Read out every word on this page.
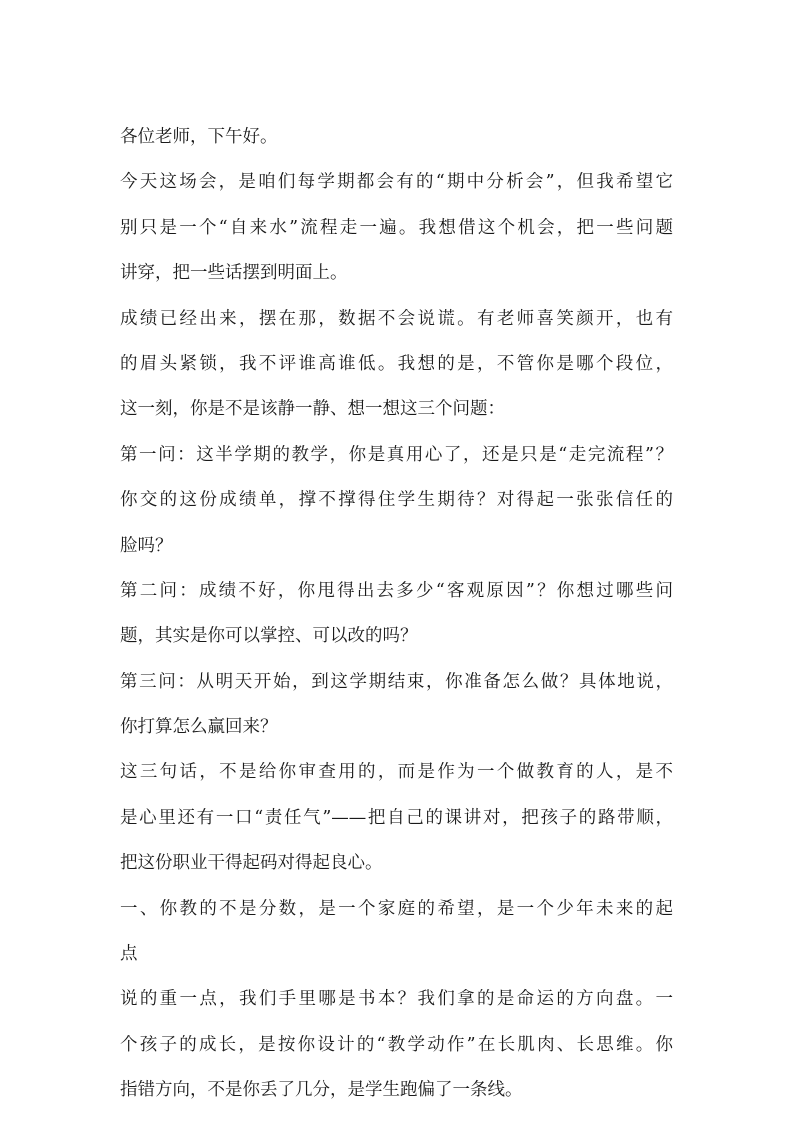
各位老师，下午好。
今天这场会，是咱们每学期都会有的“期中分析会”，但我希望它
别只是一个“自来水”流程走一遍。我想借这个机会，把一些问题
讲穿，把一些话摆到明面上。
成绩已经出来，摆在那，数据不会说谎。有老师喜笑颜开，也有
的眉头紧锁，我不评谁高谁低。我想的是，不管你是哪个段位，
这一刻，你是不是该静一静、想一想这三个问题：
第一问：这半学期的教学，你是真用心了，还是只是“走完流程”？
你交的这份成绩单，撑不撑得住学生期待？对得起一张张信任的
脸吗？
第二问：成绩不好，你甩得出去多少“客观原因”？你想过哪些问
题，其实是你可以掌控、可以改的吗？
第三问：从明天开始，到这学期结束，你准备怎么做？具体地说，
你打算怎么赢回来？
这三句话，不是给你审查用的，而是作为一个做教育的人，是不
是心里还有一口“责任气”——把自己的课讲对，把孩子的路带顺，
把这份职业干得起码对得起良心。
一、你教的不是分数，是一个家庭的希望，是一个少年未来的起
点
说的重一点，我们手里哪是书本？我们拿的是命运的方向盘。一
个孩子的成长，是按你设计的“教学动作”在长肌肉、长思维。你
指错方向，不是你丢了几分，是学生跑偏了一条线。
